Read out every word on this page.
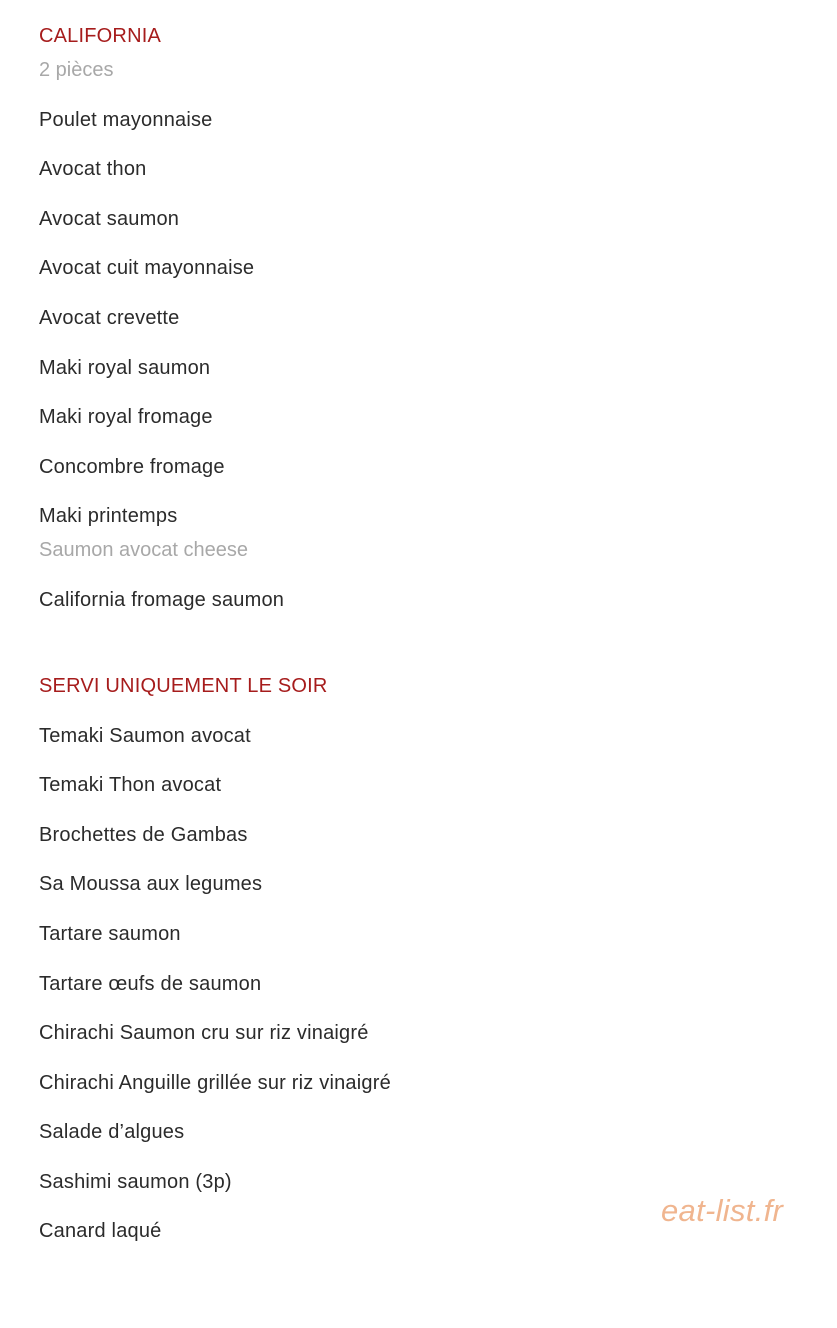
CALIFORNIA
2 pièces
Poulet mayonnaise
Avocat thon
Avocat saumon
Avocat cuit mayonnaise
Avocat crevette
Maki royal saumon
Maki royal fromage
Concombre fromage
Maki printemps
Saumon avocat cheese
California fromage saumon
SERVI UNIQUEMENT LE SOIR
Temaki Saumon avocat
Temaki Thon avocat
Brochettes de Gambas
Sa Moussa aux legumes
Tartare saumon
Tartare œufs de saumon
Chirachi Saumon cru sur riz vinaigré
Chirachi Anguille grillée sur riz vinaigré
Salade d’algues
Sashimi saumon (3p)
Canard laqué
eat-list.fr
